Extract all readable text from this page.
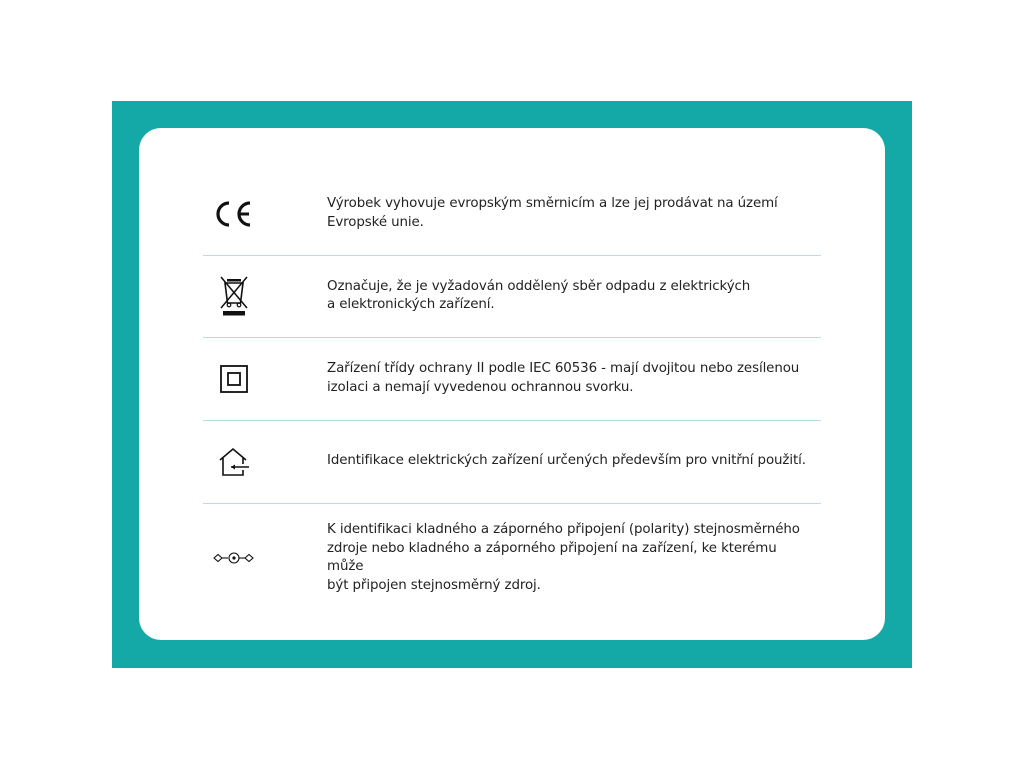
Výrobek vyhovuje evropským směrnicím a lze jej prodávat na území
Evropské unie.
Označuje, že je vyžadován oddělený sběr odpadu z elektrických
a elektronických zařízení.
Zařízení třídy ochrany II podle IEC 60536 - mají dvojitou nebo zesílenou
izolaci a nemají vyvedenou ochrannou svorku.
Identifikace elektrických zařízení určených především pro vnitřní použití.
K identifikaci kladného a záporného připojení (polarity) stejnosměrného
zdroje nebo kladného a záporného připojení na zařízení, ke kterému může
být připojen stejnosměrný zdroj.
